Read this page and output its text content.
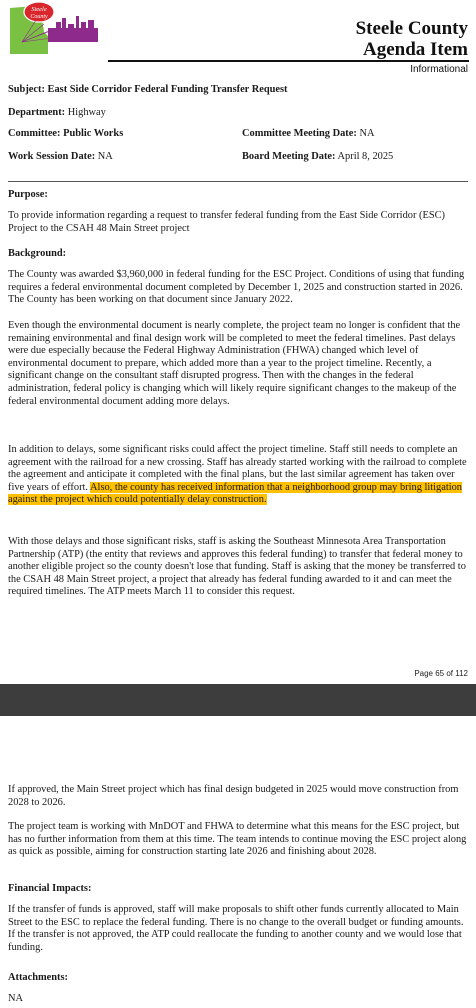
Steele
County
Steele County
Agenda Item
Informational
Subject: East Side Corridor Federal Funding Transfer Request
Department: Highway
Committee: Public Works	Committee Meeting Date: NA
Work Session Date: NA	Board Meeting Date: April 8, 2025
Purpose:
To provide information regarding a request to transfer federal funding from the East Side Corridor (ESC) Project to the CSAH 48 Main Street project
Background:
The County was awarded $3,960,000 in federal funding for the ESC Project. Conditions of using that funding requires a federal environmental document completed by December 1, 2025 and construction started in 2026. The County has been working on that document since January 2022.
Even though the environmental document is nearly complete, the project team no longer is confident that the remaining environmental and final design work will be completed to meet the federal timelines. Past delays were due especially because the Federal Highway Administration (FHWA) changed which level of environmental document to prepare, which added more than a year to the project timeline. Recently, a significant change on the consultant staff disrupted progress. Then with the changes in the federal administration, federal policy is changing which will likely require significant changes to the makeup of the federal environmental document adding more delays.
In addition to delays, some significant risks could affect the project timeline. Staff still needs to complete an agreement with the railroad for a new crossing. Staff has already started working with the railroad to complete the agreement and anticipate it completed with the final plans, but the last similar agreement has taken over five years of effort. Also, the county has received information that a neighborhood group may bring litigation against the project which could potentially delay construction.
With those delays and those significant risks, staff is asking the Southeast Minnesota Area Transportation Partnership (ATP) (the entity that reviews and approves this federal funding) to transfer that federal money to another eligible project so the county doesn't lose that funding. Staff is asking that the money be transferred to the CSAH 48 Main Street project, a project that already has federal funding awarded to it and can meet the required timelines. The ATP meets March 11 to consider this request.
Page 65 of 112
If approved, the Main Street project which has final design budgeted in 2025 would move construction from 2028 to 2026.
The project team is working with MnDOT and FHWA to determine what this means for the ESC project, but has no further information from them at this time. The team intends to continue moving the ESC project along as quick as possible, aiming for construction starting late 2026 and finishing about 2028.
Financial Impacts:
If the transfer of funds is approved, staff will make proposals to shift other funds currently allocated to Main Street to the ESC to replace the federal funding. There is no change to the overall budget or funding amounts. If the transfer is not approved, the ATP could reallocate the funding to another county and we would lose that funding.
Attachments:
NA
